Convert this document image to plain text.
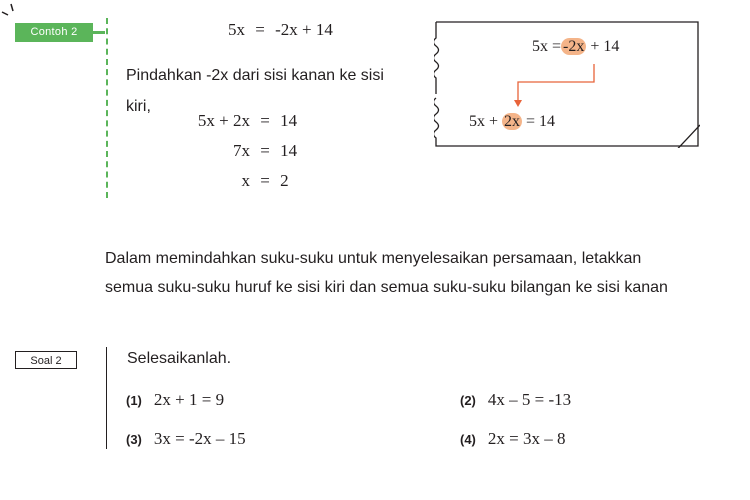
Contoh 2	5x = -2x + 14
Pindahkan -2x dari sisi kanan ke sisi
kiri,
5x + 2x = 14
7x = 14
x = 2
5x = -2x + 14
5x + 2x = 14
Dalam memindahkan suku-suku untuk menyelesaikan persamaan, letakkan
semua suku-suku huruf ke sisi kiri dan semua suku-suku bilangan ke sisi kanan
Soal 2	Selesaikanlah.
(1) 2x + 1 = 9	(2) 4x – 5 = -13
(3) 3x = -2x – 15	(4) 2x = 3x – 8
